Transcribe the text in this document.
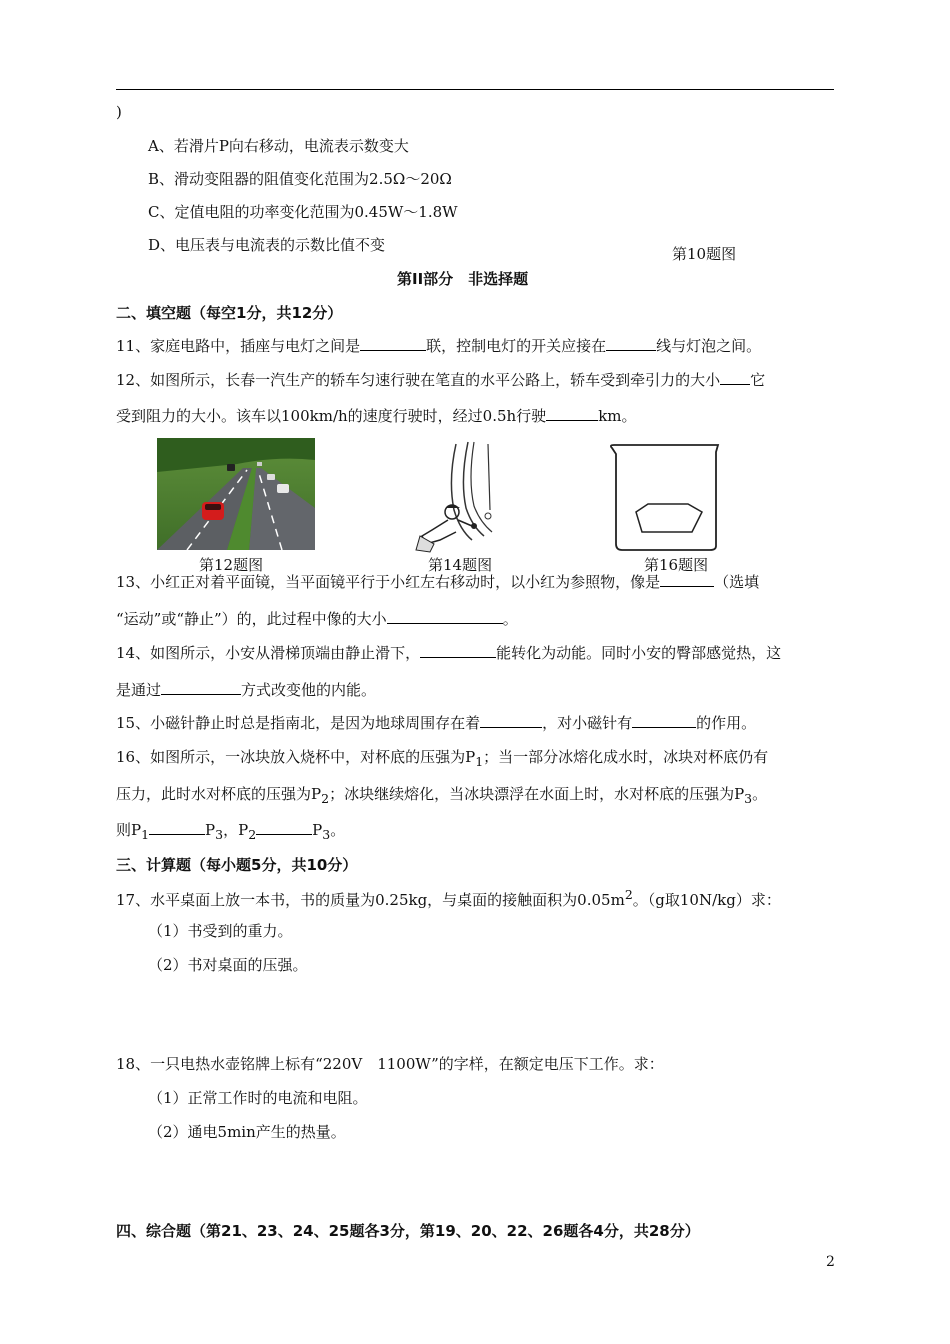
)
A、若滑片P向右移动，电流表示数变大
B、滑动变阻器的阻值变化范围为2.5Ω～20Ω
C、定值电阻的功率变化范围为0.45W～1.8W
D、电压表与电流表的示数比值不变	第10题图
第II部分　非选择题
二、填空题（每空1分，共12分）
11、家庭电路中，插座与电灯之间是	联，控制电灯的开关应接在	线与灯泡之间。
12、如图所示，长春一汽生产的轿车匀速行驶在笔直的水平公路上，轿车受到牵引力的大小 它
受到阻力的大小。该车以100km/h的速度行驶时，经过0.5h行驶	km。
第12题图	第14题图	第16题图
13、小红正对着平面镜，当平面镜平行于小红左右移动时，以小红为参照物，像是	（选填
“运动”或“静止”）的，此过程中像的大小	。
14、如图所示，小安从滑梯顶端由静止滑下，	能转化为动能。同时小安的臀部感觉热，这
是通过	方式改变他的内能。
15、小磁针静止时总是指南北，是因为地球周围存在着	，对小磁针有	的作用。
16、如图所示，一冰块放入烧杯中，对杯底的压强为$P_1$；当一部分冰熔化成水时，冰块对杯底仍有
压力，此时水对杯底的压强为$P_2$；冰块继续熔化，当冰块漂浮在水面上时，水对杯底的压强为$P_3$。
则$P_1$	$P_3$，$P_2$	$P_3$。
三、计算题（每小题5分，共10分）
17、水平桌面上放一本书，书的质量为0.25kg，与桌面的接触面积为$0.05m^2$。（g取10N/kg）求：
（1）书受到的重力。
（2）书对桌面的压强。
18、一只电热水壶铭牌上标有“220V　1100W”的字样，在额定电压下工作。求：
（1）正常工作时的电流和电阻。
（2）通电5min产生的热量。
四、综合题（第21、23、24、25题各3分，第19、20、22、26题各4分，共28分）
2
